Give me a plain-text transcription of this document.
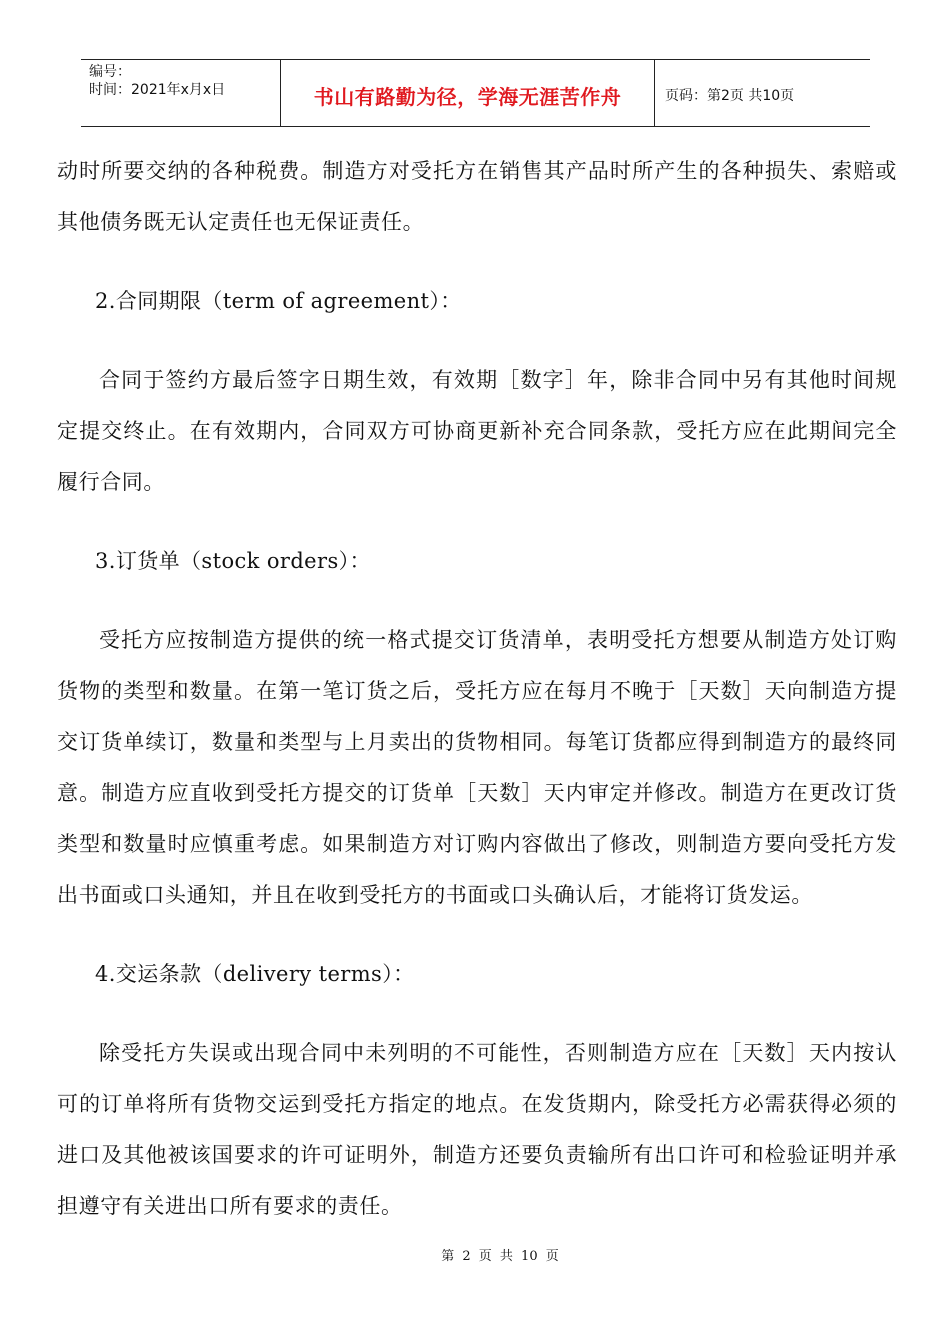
编号：
时间：2021年x月x日	书山有路勤为径，学海无涯苦作舟	页码：第2页 共10页

动时所要交纳的各种税费。制造方对受托方在销售其产品时所产生的各种损失、索赔或其他债务既无认定责任也无保证责任。

2.合同期限（term of agreement）：

合同于签约方最后签字日期生效，有效期［数字］年，除非合同中另有其他时间规定提交终止。在有效期内，合同双方可协商更新补充合同条款，受托方应在此期间完全履行合同。

3.订货单（stock orders）：

受托方应按制造方提供的统一格式提交订货清单，表明受托方想要从制造方处订购货物的类型和数量。在第一笔订货之后，受托方应在每月不晚于［天数］天向制造方提交订货单续订，数量和类型与上月卖出的货物相同。每笔订货都应得到制造方的最终同意。制造方应直收到受托方提交的订货单［天数］天内审定并修改。制造方在更改订货类型和数量时应慎重考虑。如果制造方对订购内容做出了修改，则制造方要向受托方发出书面或口头通知，并且在收到受托方的书面或口头确认后，才能将订货发运。

4.交运条款（delivery terms）：

除受托方失误或出现合同中未列明的不可能性，否则制造方应在［天数］天内按认可的订单将所有货物交运到受托方指定的地点。在发货期内，除受托方必需获得必须的进口及其他被该国要求的许可证明外，制造方还要负责输所有出口许可和检验证明并承担遵守有关进出口所有要求的责任。

第 2 页 共 10 页
